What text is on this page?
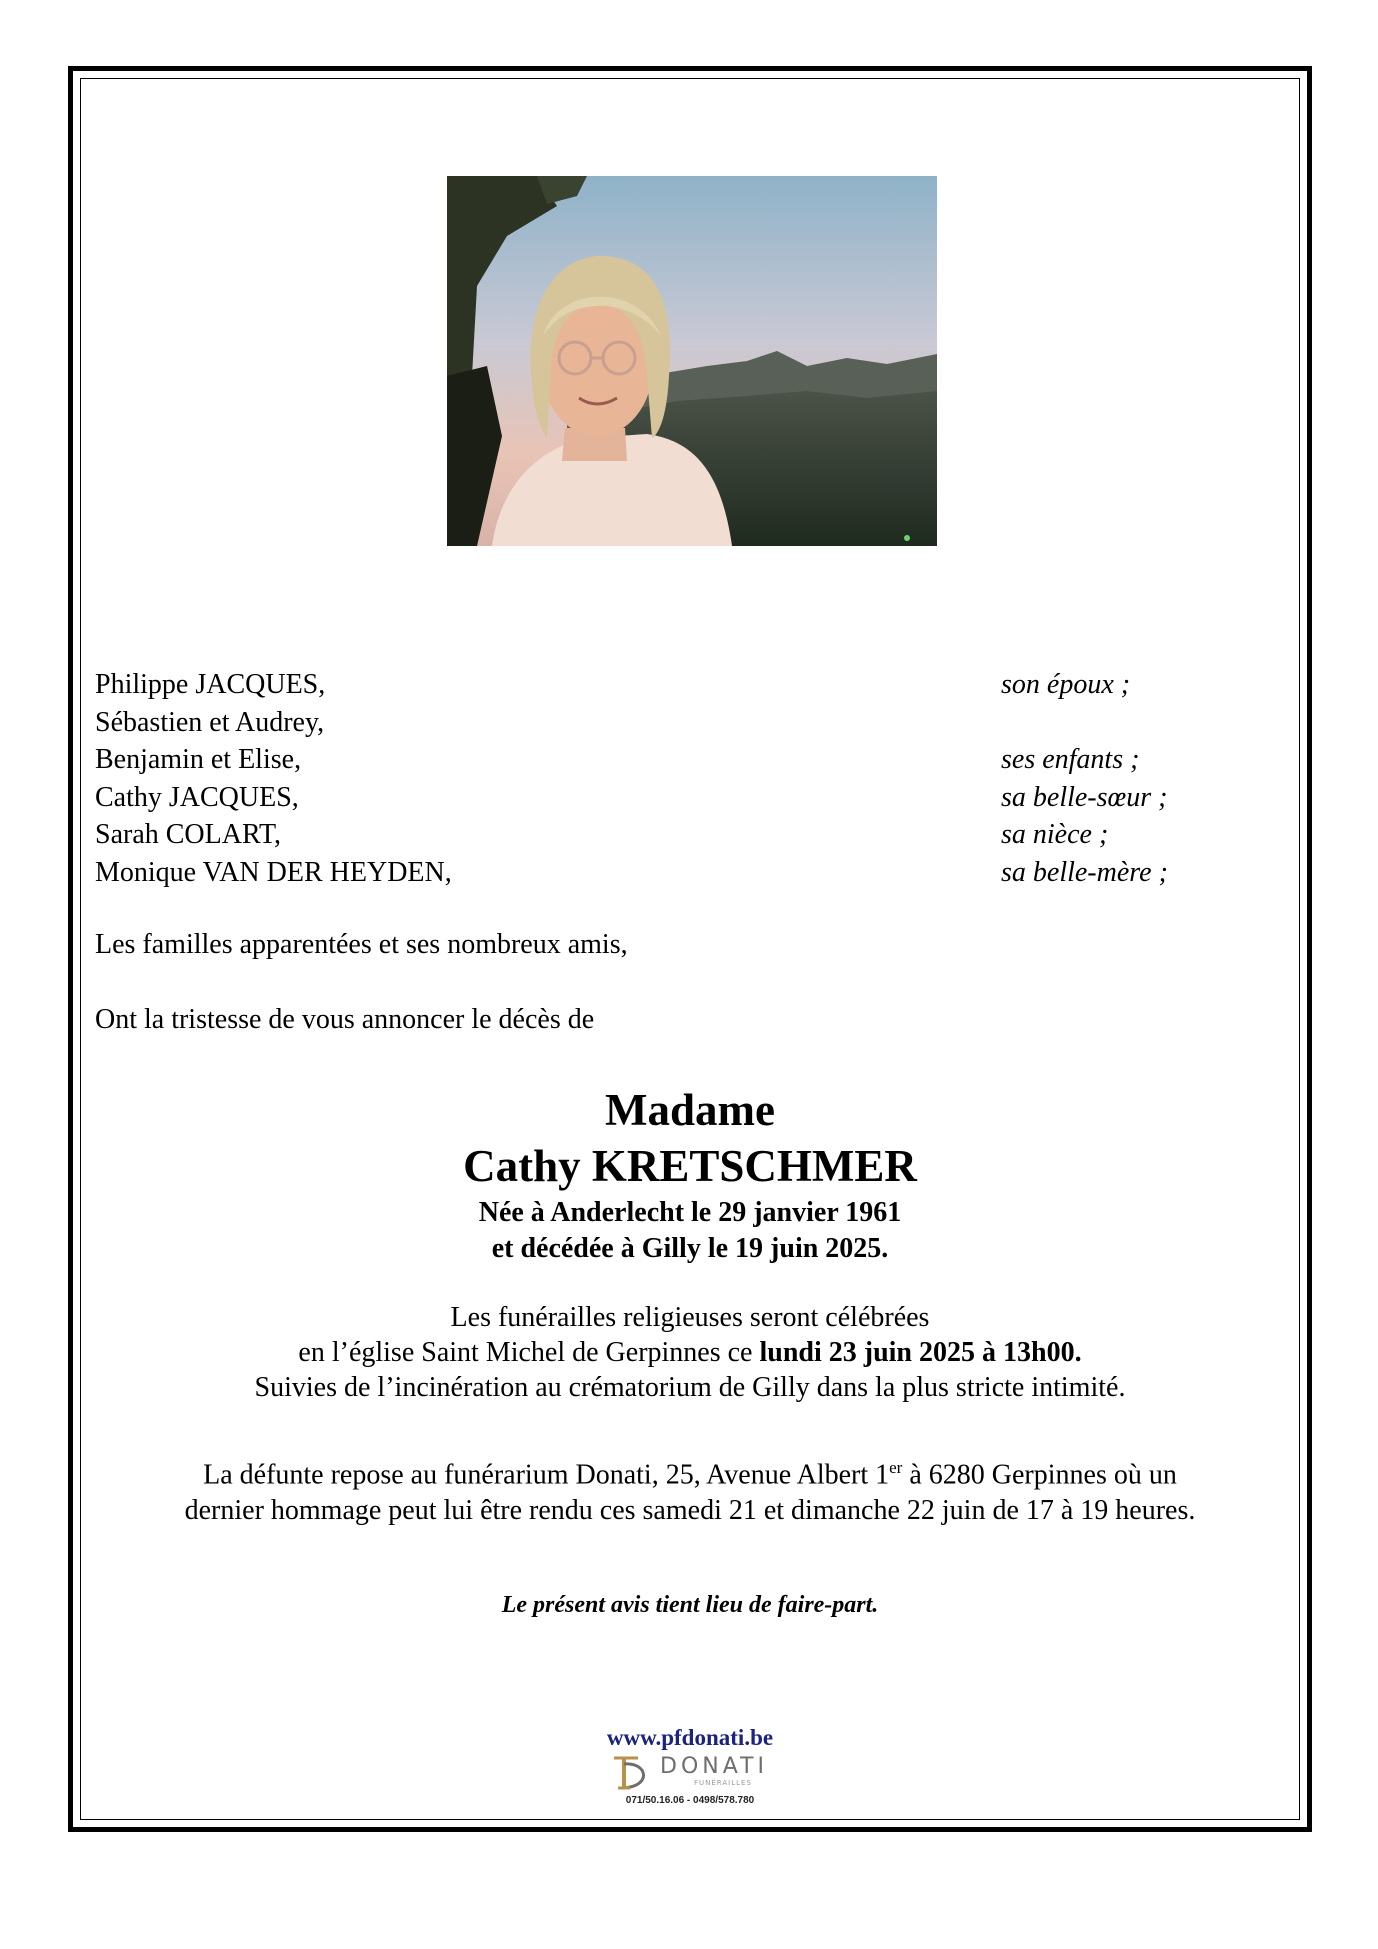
Philippe JACQUES,	son époux ;
Sébastien et Audrey,
Benjamin et Elise,	ses enfants ;
Cathy JACQUES,	sa belle-sœur ;
Sarah COLART,	sa nièce ;
Monique VAN DER HEYDEN,	sa belle-mère ;
Les familles apparentées et ses nombreux amis,
Ont la tristesse de vous annoncer le décès de
Madame
Cathy KRETSCHMER
Née à Anderlecht le 29 janvier 1961
et décédée à Gilly le 19 juin 2025.
Les funérailles religieuses seront célébrées
en l’église Saint Michel de Gerpinnes ce lundi 23 juin 2025 à 13h00.
Suivies de l’incinération au crématorium de Gilly dans la plus stricte intimité.
La défunte repose au funérarium Donati, 25, Avenue Albert 1er à 6280 Gerpinnes où un
dernier hommage peut lui être rendu ces samedi 21 et dimanche 22 juin de 17 à 19 heures.
Le présent avis tient lieu de faire-part.
www.pfdonati.be
DONATI
FUNÉRAILLES
071/50.16.06 - 0498/578.780
